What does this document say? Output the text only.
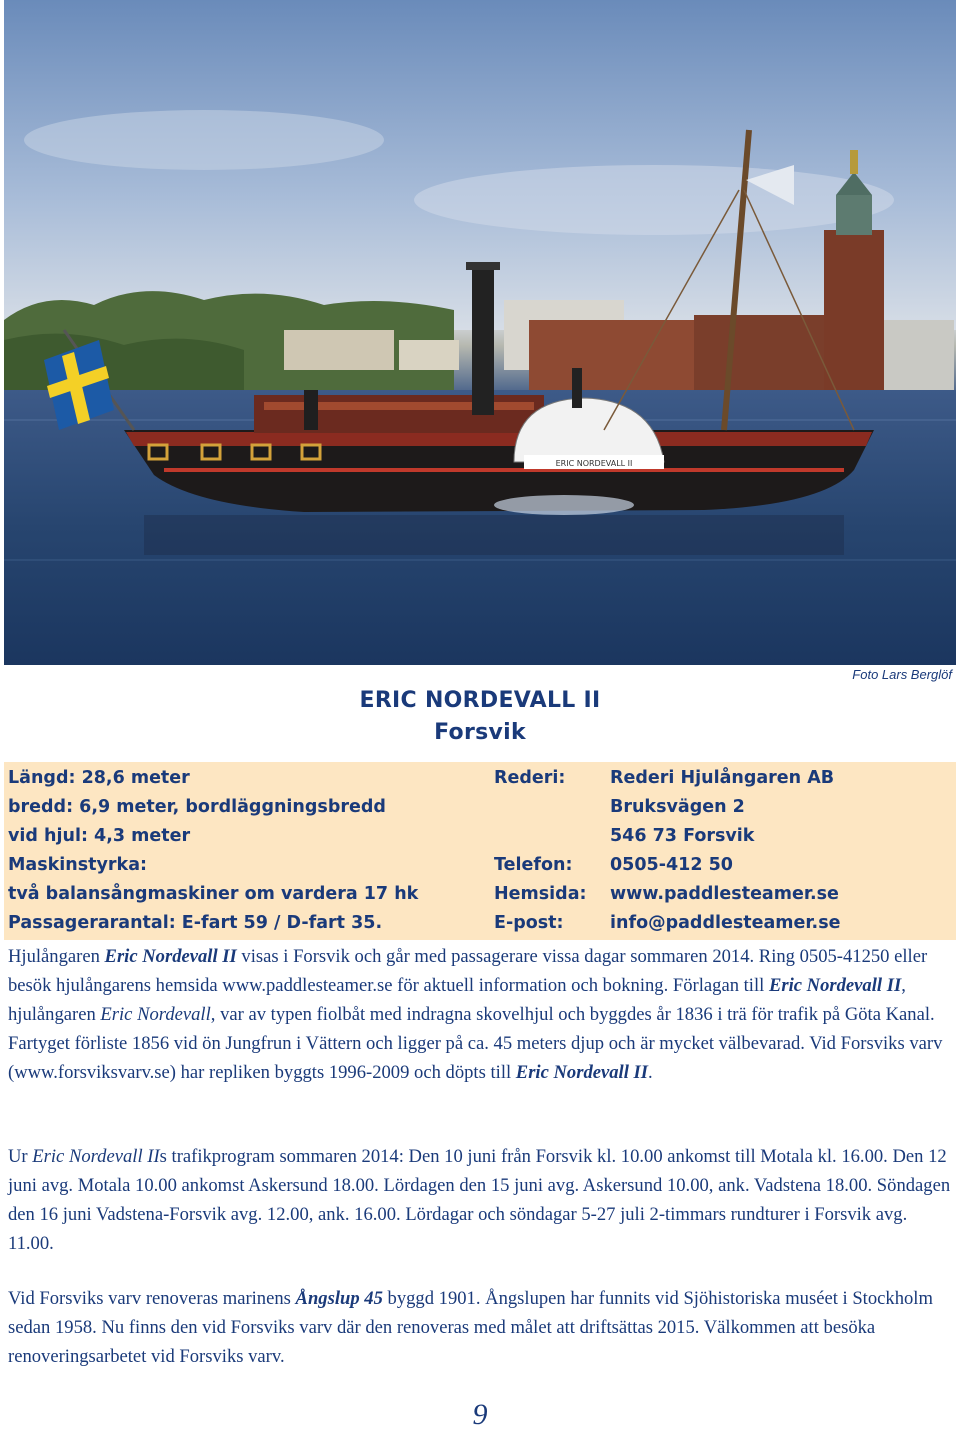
ERIC NORDEVALL II
Foto Lars Berglöf
ERIC NORDEVALL II
Forsvik
Längd: 28,6 meter
bredd: 6,9 meter, bordläggningsbredd
vid hjul: 4,3 meter
Maskinstyrka:
två balansångmaskiner om vardera 17 hk
Passagerarantal: E-fart 59 / D-fart 35.
Rederi:
Telefon:
Hemsida:
E-post:
Rederi Hjulångaren AB
Bruksvägen 2
546 73 Forsvik
0505-412 50
www.paddlesteamer.se
info@paddlesteamer.se
Hjulångaren Eric Nordevall II visas i Forsvik och går med passagerare vissa dagar sommaren 2014. Ring 0505-41250 eller besök hjulångarens hemsida www.paddlesteamer.se för aktuell information och bokning. Förlagan till Eric Nordevall II, hjulångaren Eric Nordevall, var av typen fiolbåt med indragna skovelhjul och byggdes år 1836 i trä för trafik på Göta Kanal. Fartyget förliste 1856 vid ön Jungfrun i Vättern och ligger på ca. 45 meters djup och är mycket välbevarad. Vid Forsviks varv (www.forsviksvarv.se) har repliken byggts 1996-2009 och döpts till Eric Nordevall II.
Ur Eric Nordevall IIs trafikprogram sommaren 2014: Den 10 juni från Forsvik kl. 10.00 ankomst till Motala kl. 16.00. Den 12 juni avg. Motala 10.00 ankomst Askersund 18.00. Lördagen den 15 juni avg. Askersund 10.00, ank. Vadstena 18.00. Söndagen den 16 juni Vadstena-Forsvik avg. 12.00, ank. 16.00. Lördagar och söndagar 5-27 juli 2-timmars rundturer i Forsvik avg. 11.00.
Vid Forsviks varv renoveras marinens Ångslup 45 byggd 1901. Ångslupen har funnits vid Sjöhistoriska muséet i Stockholm sedan 1958. Nu finns den vid Forsviks varv där den renoveras med målet att driftsättas 2015. Välkommen att besöka renoveringsarbetet vid Forsviks varv.
9
